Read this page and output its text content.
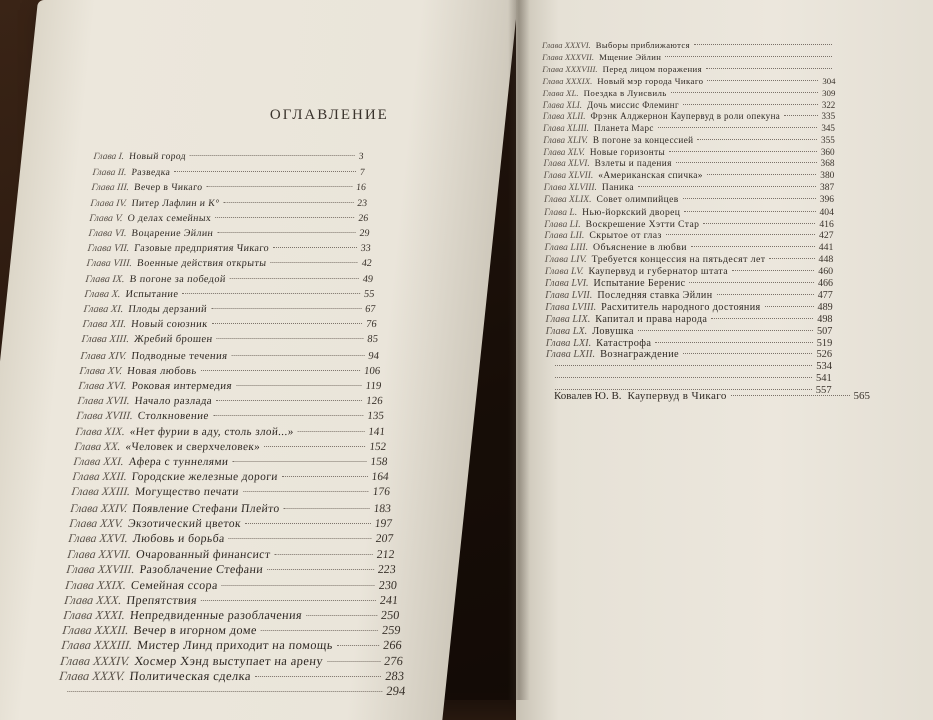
ОГЛАВЛЕНИЕ
Глава I. Новый город	3
Глава II. Разведка	7
Глава III. Вечер в Чикаго	16
Глава IV. Питер Лафлин и К°	23
Глава V. О делах семейных	26
Глава VI. Воцарение Эйлин	29
Глава VII. Газовые предприятия Чикаго	33
Глава VIII. Военные действия открыты	42
Глава IX. В погоне за победой	49
Глава X. Испытание	55
Глава XI. Плоды дерзаний	67
Глава XII. Новый союзник	76
Глава XIII. Жребий брошен	85
Глава XIV. Подводные течения	94
Глава XV. Новая любовь	106
Глава XVI. Роковая интермедия	119
Глава XVII. Начало разлада	126
Глава XVIII. Столкновение	135
Глава XIX. «Нет фурии в аду, столь злой...»	141
Глава XX. «Человек и сверхчеловек»	152
Глава XXI. Афера с туннелями	158
Глава XXII. Городские железные дороги	164
Глава XXIII. Могущество печати	176
Глава XXIV. Появление Стефани Плейто	183
Глава XXV. Экзотический цветок	197
Глава XXVI. Любовь и борьба	207
Глава XXVII. Очарованный финансист	212
Глава XXVIII. Разоблачение Стефани	223
Глава XXIX. Семейная ссора	230
Глава XXX. Препятствия	241
Глава XXXI. Непредвиденные разоблачения	250
Глава XXXII. Вечер в игорном доме	259
Глава XXXIII. Мистер Линд приходит на помощь	266
Глава XXXIV. Хосмер Хэнд выступает на арену	276
Глава XXXV. Политическая сделка	283
294
Глава XXXVI. Выборы приближаются
Глава XXXVII. Мщение Эйлин
Глава XXXVIII. Перед лицом поражения
Глава XXXIX. Новый мэр города Чикаго	304
Глава XL. Поездка в Луисвиль	309
Глава XLI. Дочь миссис Флеминг	322
Глава XLII. Фрэнк Алджернон Каупервуд в роли опекуна	335
Глава XLIII. Планета Марс	345
Глава XLIV. В погоне за концессией	355
Глава XLV. Новые горизонты	360
Глава XLVI. Взлеты и падения	368
Глава XLVII. «Американская спичка»	380
Глава XLVIII. Паника	387
Глава XLIX. Совет олимпийцев	396
Глава L. Нью-йоркский дворец	404
Глава LI. Воскрешение Хэтти Стар	416
Глава LII. Скрытое от глаз	427
Глава LIII. Объяснение в любви	441
Глава LIV. Требуется концессия на пятьдесят лет	448
Глава LV. Каупервуд и губернатор штата	460
Глава LVI. Испытание Беренис	466
Глава LVII. Последняя ставка Эйлин	477
Глава LVIII. Расхититель народного достояния	489
Глава LIX. Капитал и права народа	498
Глава LX. Ловушка	507
Глава LXI. Катастрофа	519
Глава LXII. Вознаграждение	526
534
541
557
Ковалев Ю. В. Каупервуд в Чикаго	565
